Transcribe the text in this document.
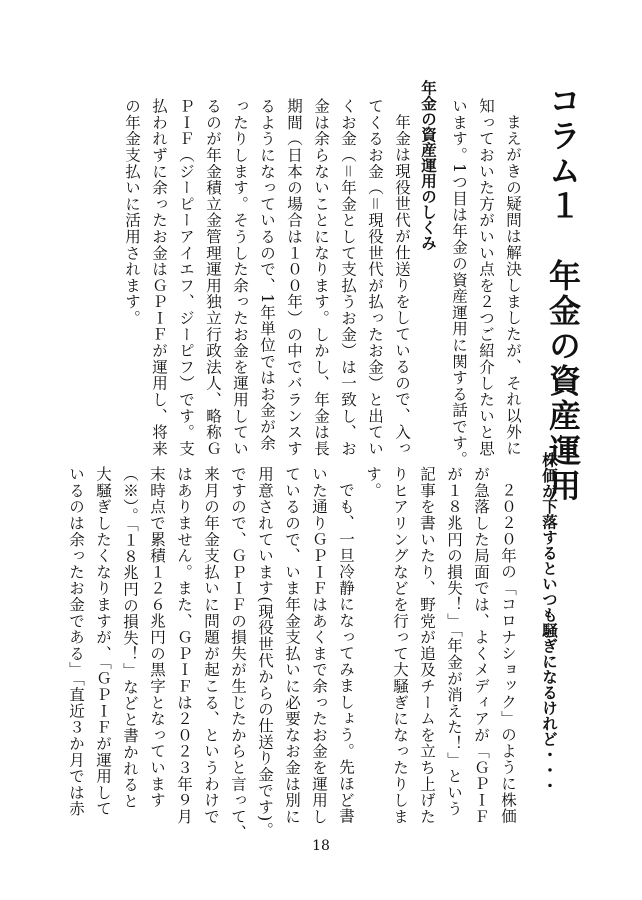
コラム１　年金の資産運用
まえがきの疑問は解決しましたが、それ以外に
知っておいた方がいい点を２つご紹介したいと思
います。1つ目は年金の資産運用に関する話です。
年金の資産運用のしくみ
年金は現役世代が仕送りをしているので、入っ
てくるお金（＝現役世代が払ったお金）と出てい
くお金（＝年金として支払うお金）は一致し、お
金は余らないことになります。しかし、年金は長
期間（日本の場合は１００年）の中でバランスす
るようになっているので、1年単位ではお金が余
ったりします。そうした余ったお金を運用してい
るのが年金積立金管理運用独立行政法人、略称Ｇ
ＰＩＦ（ジーピーアイエフ、ジーピフ）です。支
払われずに余ったお金はＧＰＩＦが運用し、将来
の年金支払いに活用されます。
株価が下落するといつも騒ぎになるけれど・・・
２０２０年の「コロナショック」のように株価
が急落した局面では、よくメディアが「ＧＰＩＦ
が１８兆円の損失！」「年金が消えた！」という
記事を書いたり、野党が追及チームを立ち上げた
りヒアリングなどを行って大騒ぎになったりしま
す。
でも、一旦冷静になってみましょう。先ほど書
いた通りＧＰＩＦはあくまで余ったお金を運用し
ているので、いま年金支払いに必要なお金は別に
用意されています(現役世代からの仕送り金です)。
ですので、ＧＰＩＦの損失が生じたからと言って、
来月の年金支払いに問題が起こる、というわけで
はありません。また、ＧＰＩＦは２０２３年９月
末時点で累積１２６兆円の黒字となっています
（※）。「１８兆円の損失！」などと書かれると
大騒ぎしたくなりますが、「ＧＰＩＦが運用して
いるのは余ったお金である」「直近３か月では赤
18
